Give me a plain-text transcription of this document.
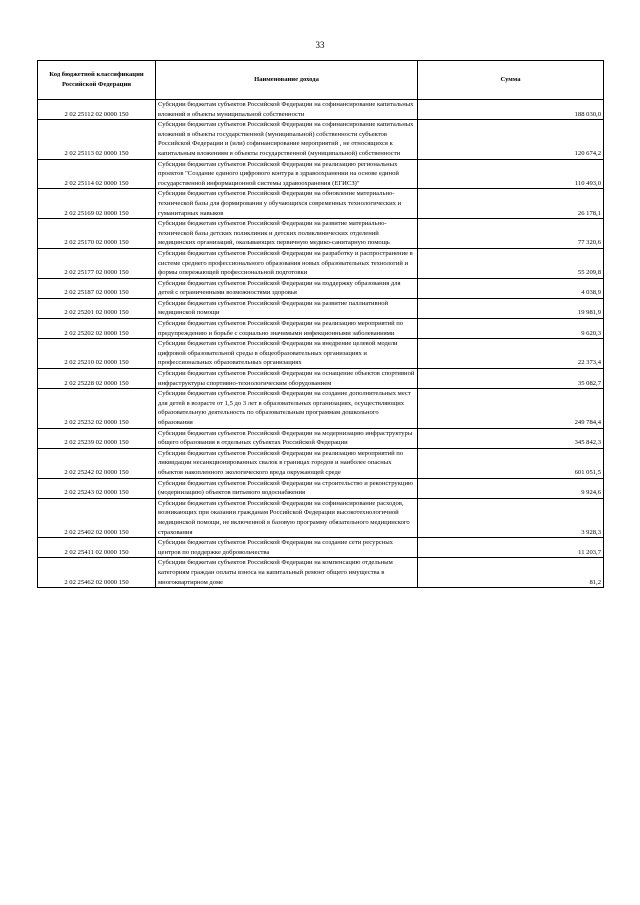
33
Код бюджетной классификации Российской Федерации	Наименование дохода	Сумма
2 02 25112 02 0000 150	Субсидии бюджетам субъектов Российской Федерации на софинансирование капитальных вложений в объекты муниципальной собственности	188 030,0
2 02 25113 02 0000 150	Субсидии бюджетам субъектов Российской Федерации на софинансирование капитальных вложений в объекты государственной (муниципальной) собственности субъектов Российской Федерации и (или) софинансирование мероприятий , не относящихся к капитальным вложениям в объекты государственной (муниципальной) собственности	120 674,2
2 02 25114 02 0000 150	Субсидии бюджетам субъектов Российской Федерации на реализацию региональных проектов "Создание единого цифрового контура в здравоохранении на основе единой государственной информационной системы здравоохранения (ЕГИСЗ)"	110 493,0
2 02 25169 02 0000 150	Субсидии бюджетам субъектов Российской Федерации на обновление материально-технической базы для формирования у обучающихся современных технологических и гуманитарных навыков	26 178,1
2 02 25170 02 0000 150	Субсидии бюджетам субъектов Российской Федерации на развитие материально-технической базы детских поликлиник и детских поликлинических отделений медицинских организаций, оказывающих первичную медико-санитарную помощь	77 320,6
2 02 25177 02 0000 150	Субсидии бюджетам субъектов Российской Федерации на разработку и распространение в системе среднего профессионального образования новых образовательных технологий и формы опережающей профессиональной подготовки	55 209,8
2 02 25187 02 0000 150	Субсидии бюджетам субъектов Российской Федерации на поддержку образования для детей с ограниченными возможностями здоровья	4 038,9
2 02 25201 02 0000 150	Субсидии бюджетам субъектов Российской Федерации на развитие паллиативной медицинской помощи	19 981,9
2 02 25202 02 0000 150	Субсидии бюджетам субъектов Российской Федерации на реализацию мероприятий по предупреждению и борьбе с социально значимыми инфекционными заболеваниями	9 620,3
2 02 25210 02 0000 150	Субсидии бюджетам субъектов Российской Федерации на внедрение целевой модели цифровой образовательной среды в общеобразовательных организациях и профессиональных образовательных организациях	22 373,4
2 02 25228 02 0000 150	Субсидии бюджетам субъектов Российской Федерации на оснащение объектов спортивной инфраструктуры спортивно-технологическим оборудованием	35 082,7
2 02 25232 02 0000 150	Субсидии бюджетам субъектов Российской Федерации на создание дополнительных мест для детей в возрасте от 1,5 до 3 лет в образовательных организациях, осуществляющих образовательную деятельность по образовательным программам дошкольного образования	249 784,4
2 02 25239 02 0000 150	Субсидии бюджетам субъектов Российской Федерации на модернизацию инфраструктуры общего образования в отдельных субъектах Российской Федерации	345 842,3
2 02 25242 02 0000 150	Субсидии бюджетам субъектов Российской Федерации на реализацию мероприятий по ликвидации несанкционированных свалок в границах городов и наиболее опасных объектов накопленного экологического вреда окружающей среде	601 051,5
2 02 25243 02 0000 150	Субсидии бюджетам субъектов Российской Федерации на строительство и реконструкцию (модернизацию) объектов питьевого водоснабжения	9 924,6
2 02 25402 02 0000 150	Субсидии бюджетам субъектов Российской Федерации на софинансирование расходов, возникающих при оказании гражданам Российской Федерации высокотехнологичной медицинской помощи, не включенной в базовую программу обязательного медицинского страхования	3 928,3
2 02 25411 02 0000 150	Субсидии бюджетам субъектов Российской Федерации на создание сети ресурсных центров по поддержке добровольчества	11 203,7
2 02 25462 02 0000 150	Субсидии бюджетам субъектов Российской Федерации на компенсацию отдельным категориям граждан оплаты взноса на капитальный ремонт общего имущества в многоквартирном доме	81,2
